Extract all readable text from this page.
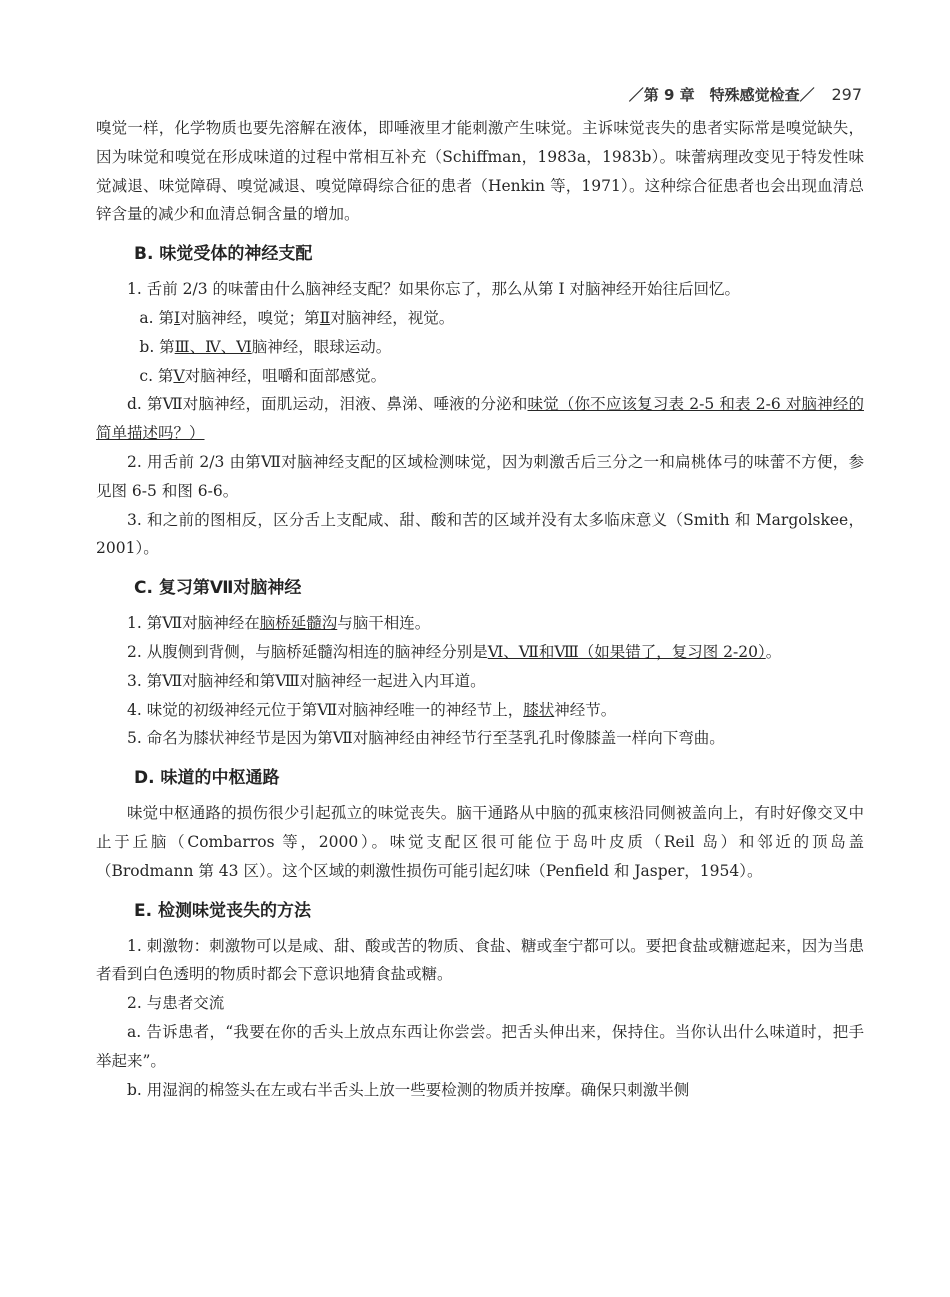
／第 9 章　特殊感觉检查／ 297

嗅觉一样，化学物质也要先溶解在液体，即唾液里才能刺激产生味觉。主诉味觉丧失的患者实际常是嗅觉缺失，因为味觉和嗅觉在形成味道的过程中常相互补充（Schiffman，1983a，1983b）。味蕾病理改变见于特发性味觉减退、味觉障碍、嗅觉减退、嗅觉障碍综合征的患者（Henkin 等，1971）。这种综合征患者也会出现血清总锌含量的减少和血清总铜含量的增加。

B. 味觉受体的神经支配

1. 舌前 2/3 的味蕾由什么脑神经支配？如果你忘了，那么从第 I 对脑神经开始往后回忆。

a. 第Ⅰ对脑神经，嗅觉；第Ⅱ对脑神经，视觉。

b. 第Ⅲ、Ⅳ、Ⅵ脑神经，眼球运动。

c. 第Ⅴ对脑神经，咀嚼和面部感觉。

d. 第Ⅶ对脑神经，面肌运动，泪液、鼻涕、唾液的分泌和味觉（你不应该复习表 2-5 和表 2-6 对脑神经的简单描述吗？）

2. 用舌前 2/3 由第Ⅶ对脑神经支配的区域检测味觉，因为刺激舌后三分之一和扁桃体弓的味蕾不方便，参见图 6-5 和图 6-6。

3. 和之前的图相反，区分舌上支配咸、甜、酸和苦的区域并没有太多临床意义（Smith 和 Margolskee，2001）。

C. 复习第Ⅶ对脑神经

1. 第Ⅶ对脑神经在脑桥延髓沟与脑干相连。

2. 从腹侧到背侧，与脑桥延髓沟相连的脑神经分别是Ⅵ、Ⅶ和Ⅷ（如果错了，复习图 2-20）。

3. 第Ⅶ对脑神经和第Ⅷ对脑神经一起进入内耳道。

4. 味觉的初级神经元位于第Ⅶ对脑神经唯一的神经节上，膝状神经节。

5. 命名为膝状神经节是因为第Ⅶ对脑神经由神经节行至茎乳孔时像膝盖一样向下弯曲。

D. 味道的中枢通路

味觉中枢通路的损伤很少引起孤立的味觉丧失。脑干通路从中脑的孤束核沿同侧被盖向上，有时好像交叉中止于丘脑（Combarros 等，2000）。味觉支配区很可能位于岛叶皮质（Reil 岛）和邻近的顶岛盖（Brodmann 第 43 区）。这个区域的刺激性损伤可能引起幻味（Penfield 和 Jasper，1954）。

E. 检测味觉丧失的方法

1. 刺激物：刺激物可以是咸、甜、酸或苦的物质、食盐、糖或奎宁都可以。要把食盐或糖遮起来，因为当患者看到白色透明的物质时都会下意识地猜食盐或糖。

2. 与患者交流

a. 告诉患者，“我要在你的舌头上放点东西让你尝尝。把舌头伸出来，保持住。当你认出什么味道时，把手举起来”。

b. 用湿润的棉签头在左或右半舌头上放一些要检测的物质并按摩。确保只刺激半侧
